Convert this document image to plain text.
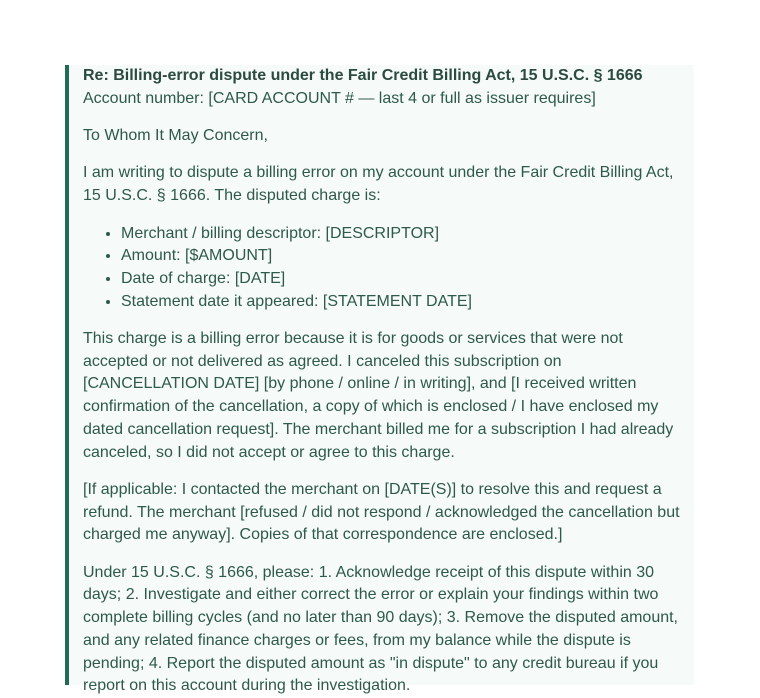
Re: Billing-error dispute under the Fair Credit Billing Act, 15 U.S.C. § 1666 Account number: [CARD ACCOUNT # — last 4 or full as issuer requires]

To Whom It May Concern,

I am writing to dispute a billing error on my account under the Fair Credit Billing Act, 15 U.S.C. § 1666. The disputed charge is:

• Merchant / billing descriptor: [DESCRIPTOR]
• Amount: [$AMOUNT]
• Date of charge: [DATE]
• Statement date it appeared: [STATEMENT DATE]

This charge is a billing error because it is for goods or services that were not accepted or not delivered as agreed. I canceled this subscription on [CANCELLATION DATE] [by phone / online / in writing], and [I received written confirmation of the cancellation, a copy of which is enclosed / I have enclosed my dated cancellation request]. The merchant billed me for a subscription I had already canceled, so I did not accept or agree to this charge.

[If applicable: I contacted the merchant on [DATE(S)] to resolve this and request a refund. The merchant [refused / did not respond / acknowledged the cancellation but charged me anyway]. Copies of that correspondence are enclosed.]

Under 15 U.S.C. § 1666, please: 1. Acknowledge receipt of this dispute within 30 days; 2. Investigate and either correct the error or explain your findings within two complete billing cycles (and no later than 90 days); 3. Remove the disputed amount, and any related finance charges or fees, from my balance while the dispute is pending; 4. Report the disputed amount as "in dispute" to any credit bureau if you report on this account during the investigation.
